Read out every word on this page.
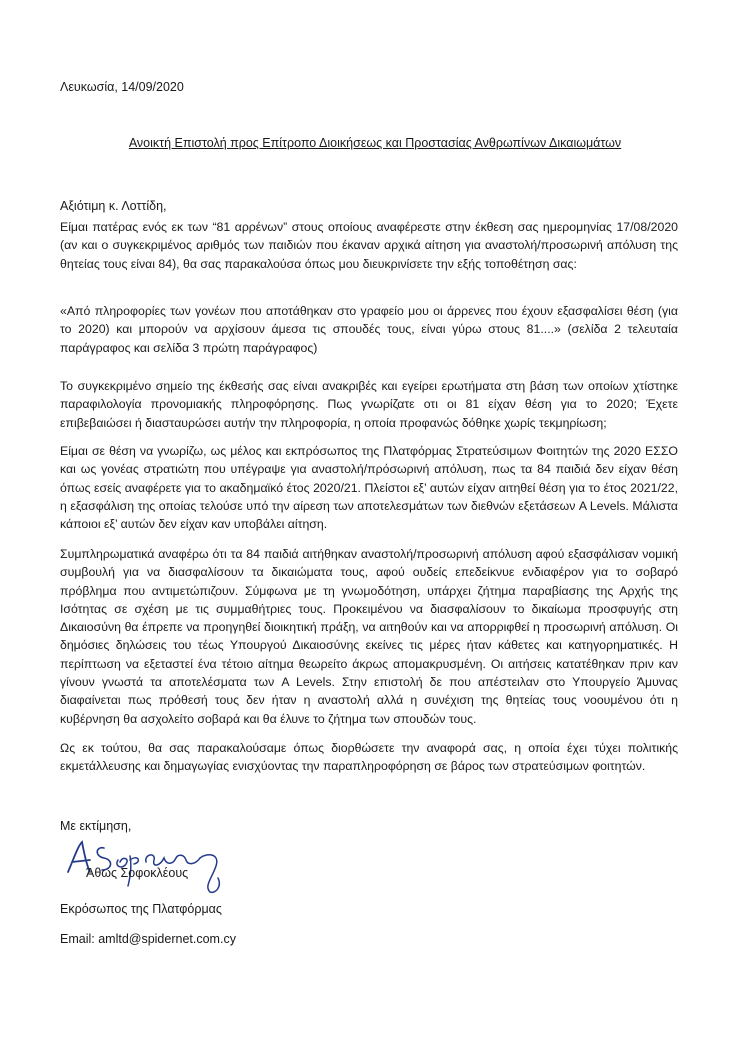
Λευκωσία, 14/09/2020
Ανοικτή Επιστολή προς Επίτροπο Διοικήσεως και Προστασίας Ανθρωπίνων Δικαιωμάτων
Αξιότιμη κ. Λοττίδη,
Είμαι πατέρας ενός εκ των “81 αρρένων” στους οποίους αναφέρεστε στην έκθεση σας ημερομηνίας 17/08/2020 (αν και ο συγκεκριμένος αριθμός των παιδιών που έκαναν αρχικά αίτηση για αναστολή/προσωρινή απόλυση της θητείας τους είναι 84), θα σας παρακαλούσα όπως μου διευκρινίσετε την εξής τοποθέτηση σας:
«Από πληροφορίες των γονέων που αποτάθηκαν στο γραφείο μου οι άρρενες που έχουν εξασφαλίσει θέση (για το 2020) και μπορούν να αρχίσουν άμεσα τις σπουδές τους, είναι γύρω στους 81....» (σελίδα 2 τελευταία παράγραφος και σελίδα 3 πρώτη παράγραφος)
Το συγκεκριμένο σημείο της έκθεσής σας είναι ανακριβές και εγείρει ερωτήματα στη βάση των οποίων χτίστηκε παραφιλολογία προνομιακής πληροφόρησης. Πως γνωρίζατε οτι οι 81 είχαν θέση για το 2020; Έχετε επιβεβαιώσει ή διασταυρώσει αυτήν την πληροφορία, η οποία προφανώς δόθηκε χωρίς τεκμηρίωση;
Είμαι σε θέση να γνωρίζω, ως μέλος και εκπρόσωπος της Πλατφόρμας Στρατεύσιμων Φοιτητών της 2020 ΕΣΣΟ και ως γονέας στρατιώτη που υπέγραψε για αναστολή/πρόσωρινή απόλυση, πως τα 84 παιδιά δεν είχαν θέση όπως εσείς αναφέρετε για το ακαδημαϊκό έτος 2020/21. Πλείστοι εξ’ αυτών είχαν αιτηθεί θέση για το έτος 2021/22, η εξασφάλιση της οποίας τελούσε υπό την αίρεση των αποτελεσμάτων των διεθνών εξετάσεων A Levels. Μάλιστα κάποιοι εξ’ αυτών δεν είχαν καν υποβάλει αίτηση.
Συμπληρωματικά αναφέρω ότι τα 84 παιδιά αιτήθηκαν αναστολή/προσωρινή απόλυση αφού εξασφάλισαν νομική συμβουλή για να διασφαλίσουν τα δικαιώματα τους, αφού ουδείς επεδείκνυε ενδιαφέρον για το σοβαρό πρόβλημα που αντιμετώπιζουν. Σύμφωνα με τη γνωμοδότηση, υπάρχει ζήτημα παραβίασης της Αρχής της Ισότητας σε σχέση με τις συμμαθήτριες τους. Προκειμένου να διασφαλίσουν το δικαίωμα προσφυγής στη Δικαιοσύνη θα έπρεπε να προηγηθεί διοικητική πράξη, να αιτηθούν και να απορριφθεί η προσωρινή απόλυση. Οι δημόσιες δηλώσεις του τέως Υπουργού Δικαιοσύνης εκείνες τις μέρες ήταν κάθετες και κατηγορηματικές. Η περίπτωση να εξεταστεί ένα τέτοιο αίτημα θεωρείτο άκρως απομακρυσμένη. Οι αιτήσεις κατατέθηκαν πριν καν γίνουν γνωστά τα αποτελέσματα των A Levels. Στην επιστολή δε που απέστειλαν στο Υπουργείο Άμυνας διαφαίνεται πως πρόθεσή τους δεν ήταν η αναστολή αλλά η συνέχιση της θητείας τους νοουμένου ότι η κυβέρνηση θα ασχολείτο σοβαρά και θα έλυνε το ζήτημα των σπουδών τους.
Ως εκ τούτου, θα σας παρακαλούσαμε όπως διορθώσετε την αναφορά σας, η οποία έχει τύχει πολιτικής εκμετάλλευσης και δημαγωγίας ενισχύοντας την παραπληροφόρηση σε βάρος των στρατεύσιμων φοιτητών.
Με εκτίμηση,
Άθως Σοφοκλέους
Εκρόσωπος της Πλατφόρμας
Email: amltd@spidernet.com.cy
